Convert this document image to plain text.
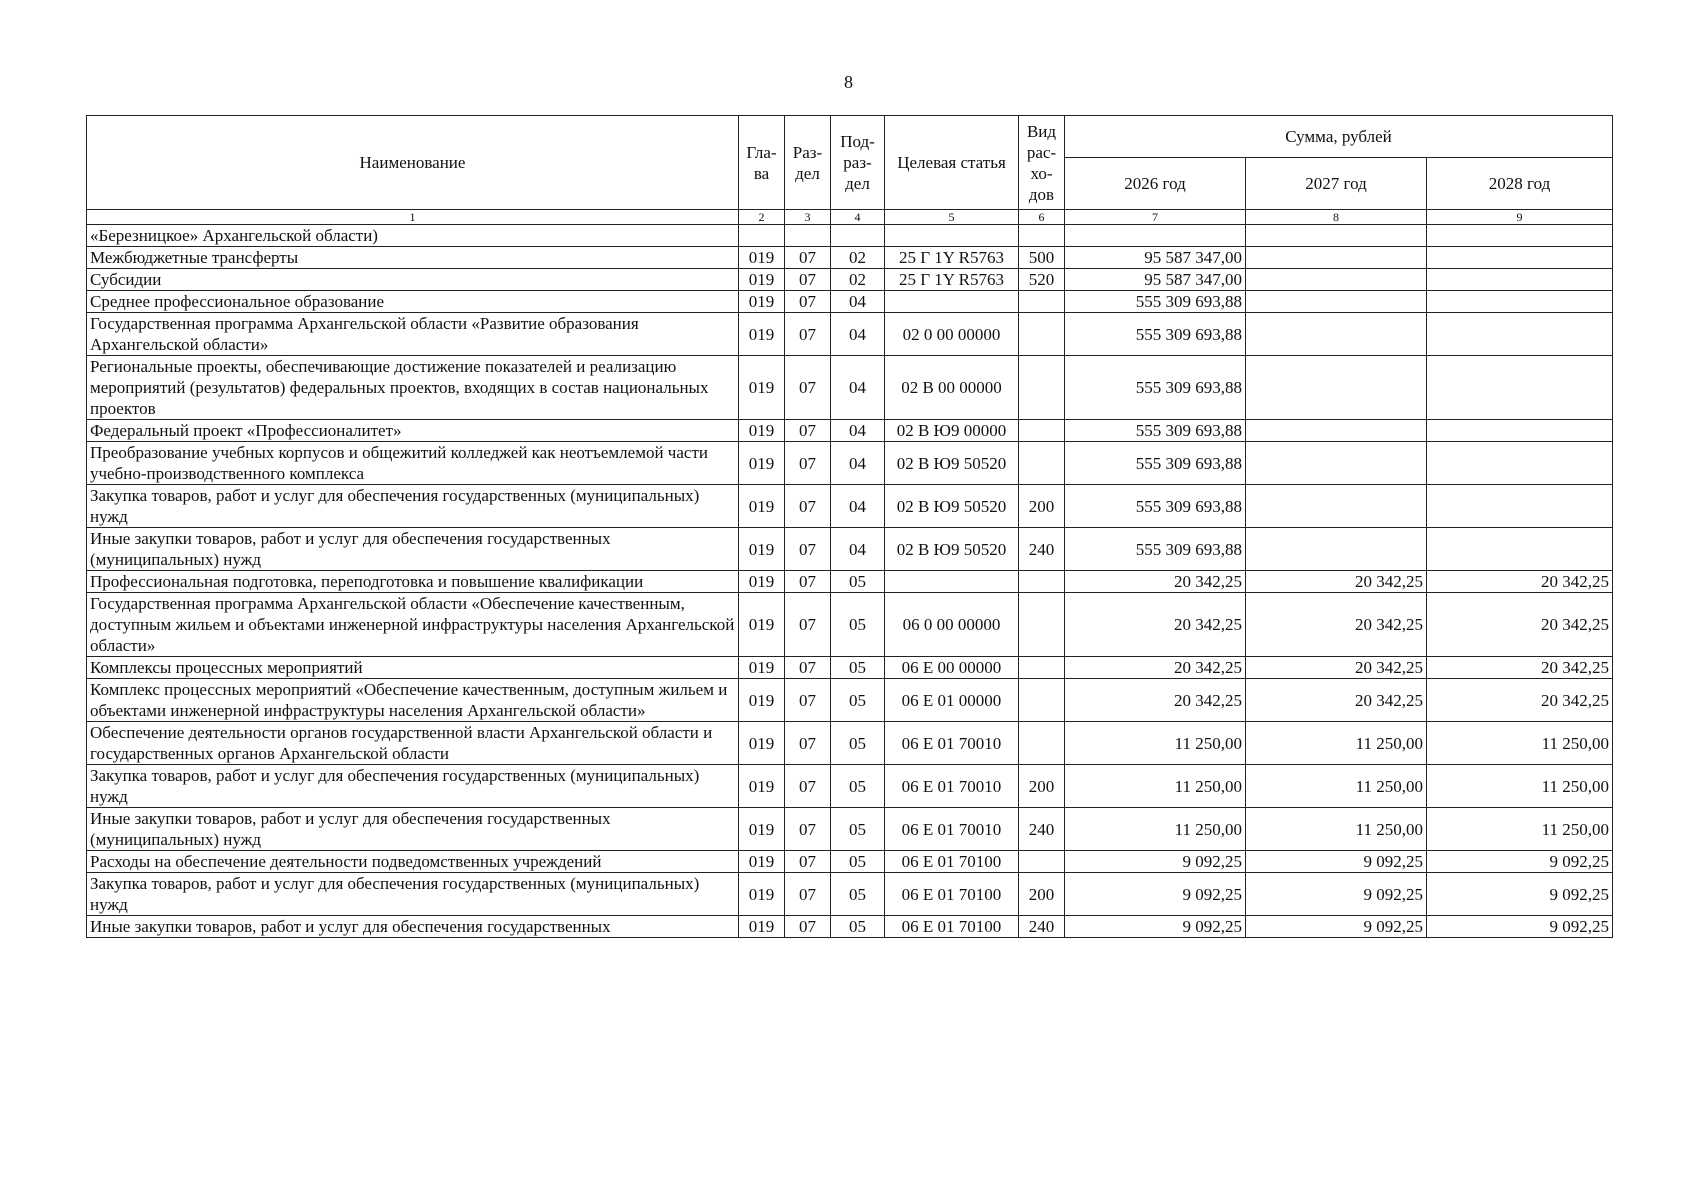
8
Наименование	Гла-ва	Раз-дел	Под-раз-дел	Целевая статья	Вид рас-хо-дов	Сумма, рублей		
						2026 год	2027 год	2028 год
1	2	3	4	5	6	7	8	9
«Березницкое» Архангельской области)								
Межбюджетные трансферты	019	07	02	25 Г 1Y R5763	500	95 587 347,00		
Субсидии	019	07	02	25 Г 1Y R5763	520	95 587 347,00		
Среднее профессиональное образование	019	07	04			555 309 693,88		
Государственная программа Архангельской области «Развитие образования Архангельской области»	019	07	04	02 0 00 00000		555 309 693,88		
Региональные проекты, обеспечивающие достижение показателей и реализацию мероприятий (результатов) федеральных проектов, входящих в состав национальных проектов	019	07	04	02 В 00 00000		555 309 693,88		
Федеральный проект «Профессионалитет»	019	07	04	02 В Ю9 00000		555 309 693,88		
Преобразование учебных корпусов и общежитий колледжей как неотъемлемой части учебно-производственного комплекса	019	07	04	02 В Ю9 50520		555 309 693,88		
Закупка товаров, работ и услуг для обеспечения государственных (муниципальных) нужд	019	07	04	02 В Ю9 50520	200	555 309 693,88		
Иные закупки товаров, работ и услуг для обеспечения государственных (муниципальных) нужд	019	07	04	02 В Ю9 50520	240	555 309 693,88		
Профессиональная подготовка, переподготовка и повышение квалификации	019	07	05			20 342,25	20 342,25	20 342,25
Государственная программа Архангельской области «Обеспечение качественным, доступным жильем и объектами инженерной инфраструктуры населения Архангельской области»	019	07	05	06 0 00 00000		20 342,25	20 342,25	20 342,25
Комплексы процессных мероприятий	019	07	05	06 Е 00 00000		20 342,25	20 342,25	20 342,25
Комплекс процессных мероприятий «Обеспечение качественным, доступным жильем и объектами инженерной инфраструктуры населения Архангельской области»	019	07	05	06 Е 01 00000		20 342,25	20 342,25	20 342,25
Обеспечение деятельности органов государственной власти Архангельской области и государственных органов Архангельской области	019	07	05	06 Е 01 70010		11 250,00	11 250,00	11 250,00
Закупка товаров, работ и услуг для обеспечения государственных (муниципальных) нужд	019	07	05	06 Е 01 70010	200	11 250,00	11 250,00	11 250,00
Иные закупки товаров, работ и услуг для обеспечения государственных (муниципальных) нужд	019	07	05	06 Е 01 70010	240	11 250,00	11 250,00	11 250,00
Расходы на обеспечение деятельности подведомственных учреждений	019	07	05	06 Е 01 70100		9 092,25	9 092,25	9 092,25
Закупка товаров, работ и услуг для обеспечения государственных (муниципальных) нужд	019	07	05	06 Е 01 70100	200	9 092,25	9 092,25	9 092,25
Иные закупки товаров, работ и услуг для обеспечения государственных	019	07	05	06 Е 01 70100	240	9 092,25	9 092,25	9 092,25
